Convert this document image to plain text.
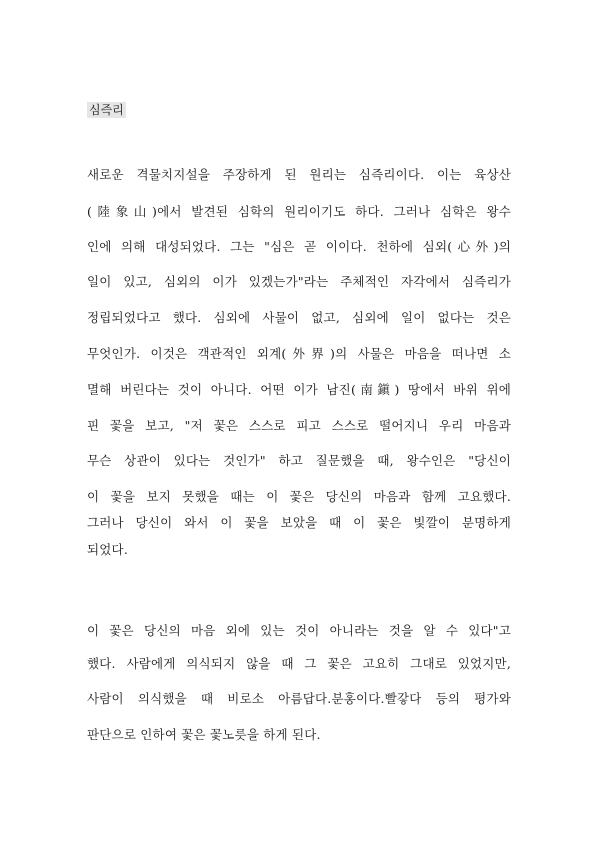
심즉리
새로운 격물치지설을 주장하게 된 원리는 심즉리이다. 이는 육상산
(陸象山)에서 발견된 심학의 원리이기도 하다. 그러나 심학은 왕수
인에 의해 대성되었다. 그는 "심은 곧 이이다. 천하에 심외(心外)의
일이 있고, 심외의 이가 있겠는가"라는 주체적인 자각에서 심즉리가
정립되었다고 했다. 심외에 사물이 없고, 심외에 일이 없다는 것은
무엇인가. 이것은 객관적인 외계(外界)의 사물은 마음을 떠나면 소
멸해 버린다는 것이 아니다. 어떤 이가 남진(南鎭) 땅에서 바위 위에
핀 꽃을 보고, "저 꽃은 스스로 피고 스스로 떨어지니 우리 마음과
무슨 상관이 있다는 것인가" 하고 질문했을 때, 왕수인은 "당신이
이 꽃을 보지 못했을 때는 이 꽃은 당신의 마음과 함께 고요했다.
그러나 당신이 와서 이 꽃을 보았을 때 이 꽃은 빛깔이 분명하게
되었다.
이 꽃은 당신의 마음 외에 있는 것이 아니라는 것을 알 수 있다"고
했다. 사람에게 의식되지 않을 때 그 꽃은 고요히 그대로 있었지만,
사람이 의식했을 때 비로소 아름답다.분홍이다.빨갛다 등의 평가와
판단으로 인하여 꽃은 꽃노릇을 하게 된다.
